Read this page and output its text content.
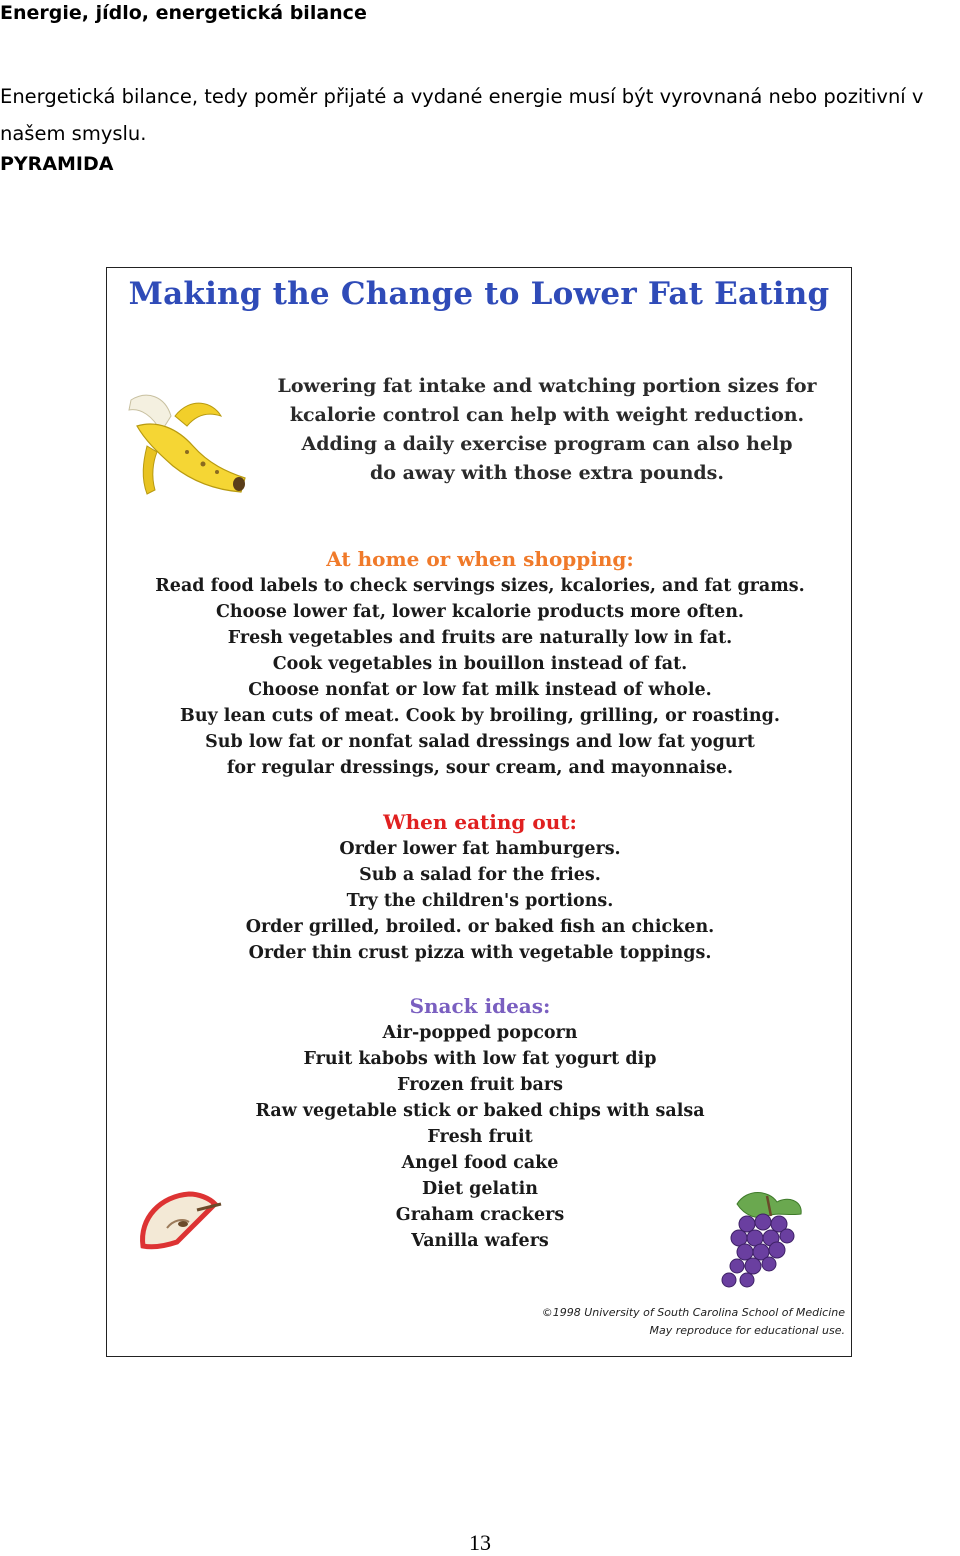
Energie, jídlo, energetická bilance
Energetická bilance, tedy poměr přijaté a vydané energie musí být vyrovnaná nebo pozitivní v našem smyslu.
PYRAMIDA
Making the Change to Lower Fat Eating
Lowering fat intake and watching portion sizes for
kcalorie control can help with weight reduction.
Adding a daily exercise program can also help
do away with those extra pounds.
At home or when shopping:
Read food labels to check servings sizes, kcalories, and fat grams.
Choose lower fat, lower kcalorie products more often.
Fresh vegetables and fruits are naturally low in fat.
Cook vegetables in bouillon instead of fat.
Choose nonfat or low fat milk instead of whole.
Buy lean cuts of meat. Cook by broiling, grilling, or roasting.
Sub low fat or nonfat salad dressings and low fat yogurt
for regular dressings, sour cream, and mayonnaise.
When eating out:
Order lower fat hamburgers.
Sub a salad for the fries.
Try the children's portions.
Order grilled, broiled. or baked fish an chicken.
Order thin crust pizza with vegetable toppings.
Snack ideas:
Air-popped popcorn
Fruit kabobs with low fat yogurt dip
Frozen fruit bars
Raw vegetable stick or baked chips with salsa
Fresh fruit
Angel food cake
Diet gelatin
Graham crackers
Vanilla wafers
©1998 University of South Carolina School of Medicine
May reproduce for educational use.
13
